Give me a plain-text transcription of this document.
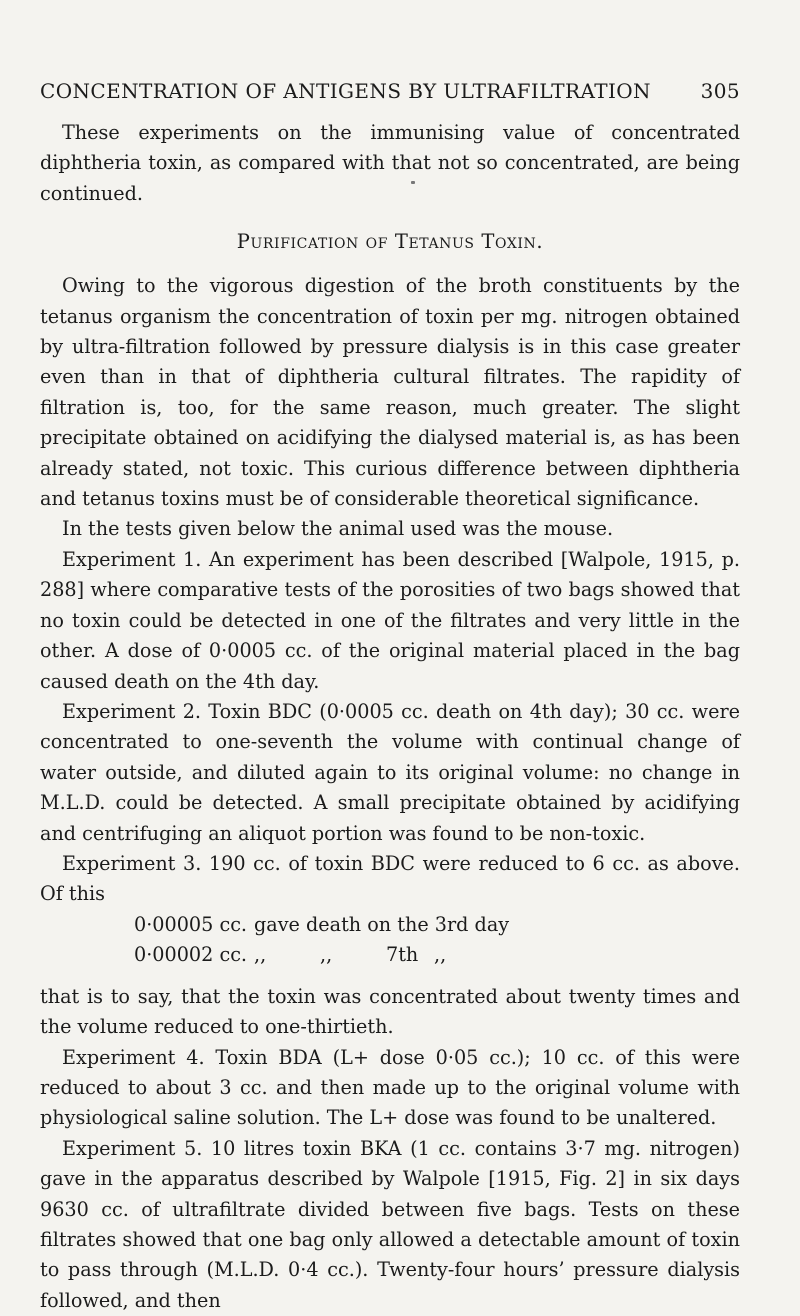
CONCENTRATION OF ANTIGENS BY ULTRAFILTRATION 305

These experiments on the immunising value of concentrated diphtheria toxin, as compared with that not so concentrated, are being continued.

Purification of Tetanus Toxin.

Owing to the vigorous digestion of the broth constituents by the tetanus organism the concentration of toxin per mg. nitrogen obtained by ultra-filtration followed by pressure dialysis is in this case greater even than in that of diphtheria cultural filtrates. The rapidity of filtration is, too, for the same reason, much greater. The slight precipitate obtained on acidifying the dialysed material is, as has been already stated, not toxic. This curious difference between diphtheria and tetanus toxins must be of considerable theoretical significance.

In the tests given below the animal used was the mouse.

Experiment 1. An experiment has been described [Walpole, 1915, p. 288] where comparative tests of the porosities of two bags showed that no toxin could be detected in one of the filtrates and very little in the other. A dose of 0·0005 cc. of the original material placed in the bag caused death on the 4th day.

Experiment 2. Toxin BDC (0·0005 cc. death on 4th day); 30 cc. were concentrated to one-seventh the volume with continual change of water outside, and diluted again to its original volume: no change in M.L.D. could be detected. A small precipitate obtained by acidifying and centrifuging an aliquot portion was found to be non-toxic.

Experiment 3. 190 cc. of toxin BDC were reduced to 6 cc. as above. Of this

0·00005 cc. gave death on the 3rd day
0·00002 cc. ,,	,,	7th ,,

that is to say, that the toxin was concentrated about twenty times and the volume reduced to one-thirtieth.

Experiment 4. Toxin BDA (L+ dose 0·05 cc.); 10 cc. of this were reduced to about 3 cc. and then made up to the original volume with physiological saline solution. The L+ dose was found to be unaltered.

Experiment 5. 10 litres toxin BKA (1 cc. contains 3·7 mg. nitrogen) gave in the apparatus described by Walpole [1915, Fig. 2] in six days 9630 cc. of ultrafiltrate divided between five bags. Tests on these filtrates showed that one bag only allowed a detectable amount of toxin to pass through (M.L.D. 0·4 cc.). Twenty-four hours’ pressure dialysis followed, and then
